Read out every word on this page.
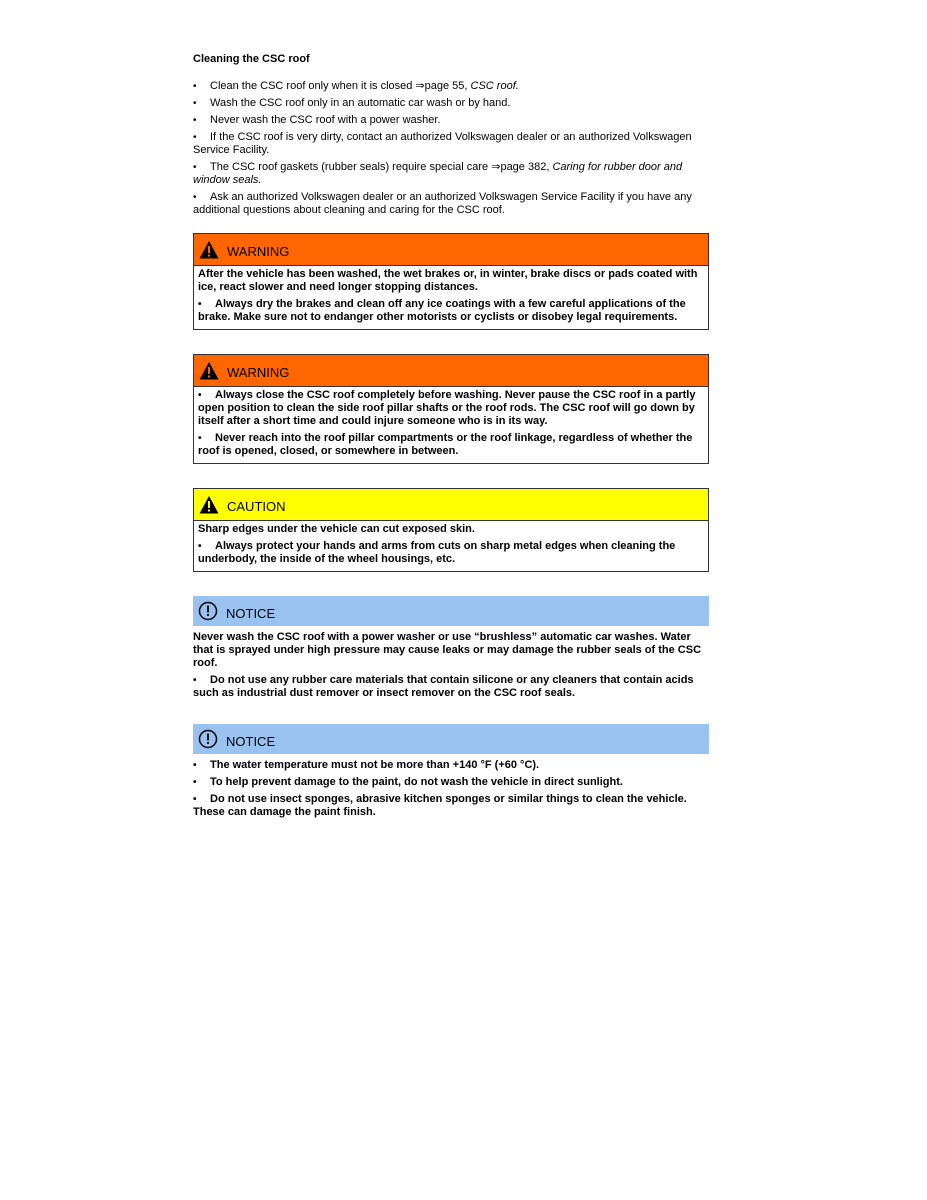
Cleaning the CSC roof
•Clean the CSC roof only when it is closed ⇒page 55, CSC roof.
•Wash the CSC roof only in an automatic car wash or by hand.
•Never wash the CSC roof with a power washer.
•If the CSC roof is very dirty, contact an authorized Volkswagen dealer or an authorized Volkswagen Service Facility.
•The CSC roof gaskets (rubber seals) require special care ⇒page 382, Caring for rubber door and window seals.
•Ask an authorized Volkswagen dealer or an authorized Volkswagen Service Facility if you have any additional questions about cleaning and caring for the CSC roof.
WARNING

After the vehicle has been washed, the wet brakes or, in winter, brake discs or pads coated with ice, react slower and need longer stopping distances.

•Always dry the brakes and clean off any ice coatings with a few careful applications of the brake. Make sure not to endanger other motorists or cyclists or disobey legal requirements.

WARNING

•Always close the CSC roof completely before washing. Never pause the CSC roof in a partly open position to clean the side roof pillar shafts or the roof rods. The CSC roof will go down by itself after a short time and could injure someone who is in its way.

•Never reach into the roof pillar compartments or the roof linkage, regardless of whether the roof is opened, closed, or somewhere in between.

CAUTION

Sharp edges under the vehicle can cut exposed skin.

•Always protect your hands and arms from cuts on sharp metal edges when cleaning the underbody, the inside of the wheel housings, etc.

NOTICE

Never wash the CSC roof with a power washer or use “brushless” automatic car washes. Water that is sprayed under high pressure may cause leaks or may damage the rubber seals of the CSC roof.

•Do not use any rubber care materials that contain silicone or any cleaners that contain acids such as industrial dust remover or insect remover on the CSC roof seals.

NOTICE

•The water temperature must not be more than +140 °F (+60 °C).

•To help prevent damage to the paint, do not wash the vehicle in direct sunlight.

•Do not use insect sponges, abrasive kitchen sponges or similar things to clean the vehicle. These can damage the paint finish.
